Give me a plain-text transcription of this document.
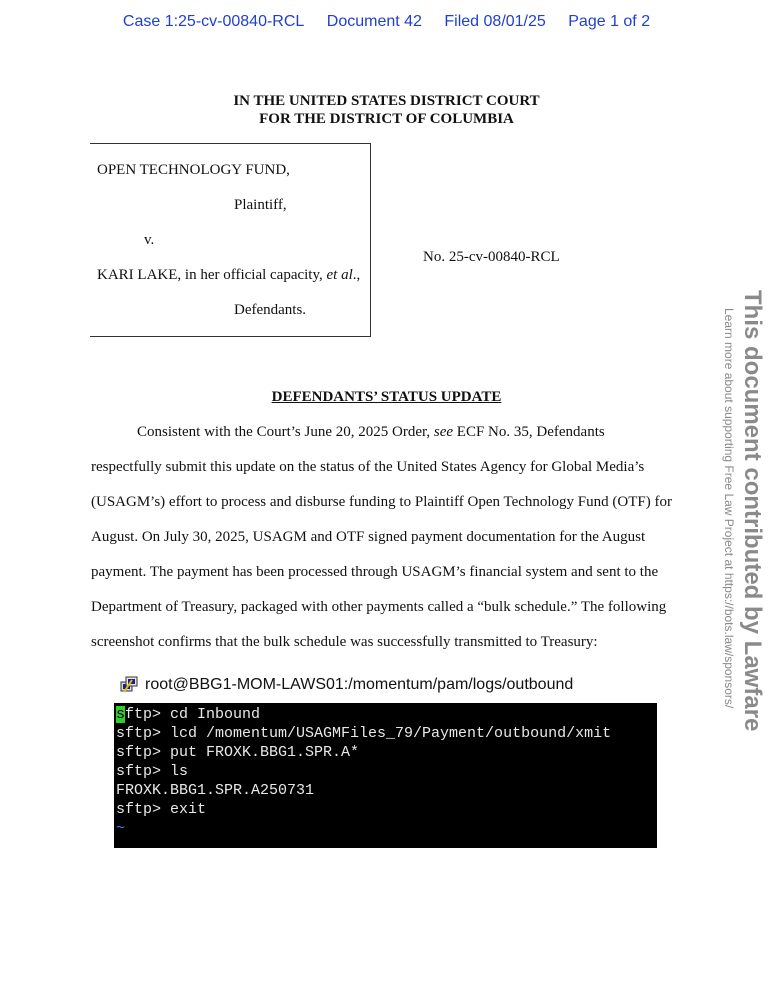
Case 1:25-cv-00840-RCL Document 42 Filed 08/01/25 Page 1 of 2
IN THE UNITED STATES DISTRICT COURT
FOR THE DISTRICT OF COLUMBIA
OPEN TECHNOLOGY FUND,
Plaintiff,
v.
KARI LAKE, in her official capacity, et al.,
Defendants.
No. 25-cv-00840-RCL
DEFENDANTS’ STATUS UPDATE
Consistent with the Court’s June 20, 2025 Order, see ECF No. 35, Defendants
respectfully submit this update on the status of the United States Agency for Global Media’s
(USAGM’s) effort to process and disburse funding to Plaintiff Open Technology Fund (OTF) for
August. On July 30, 2025, USAGM and OTF signed payment documentation for the August
payment. The payment has been processed through USAGM’s financial system and sent to the
Department of Treasury, packaged with other payments called a “bulk schedule.” The following
screenshot confirms that the bulk schedule was successfully transmitted to Treasury:
root@BBG1-MOM-LAWS01:/momentum/pam/logs/outbound
sftp> cd Inbound
sftp> lcd /momentum/USAGMFiles_79/Payment/outbound/xmit
sftp> put FROXK.BBG1.SPR.A*
sftp> ls
FROXK.BBG1.SPR.A250731
sftp> exit
~
This document contributed by Lawfare
Learn more about supporting Free Law Project at https://bots.law/sponsors/
